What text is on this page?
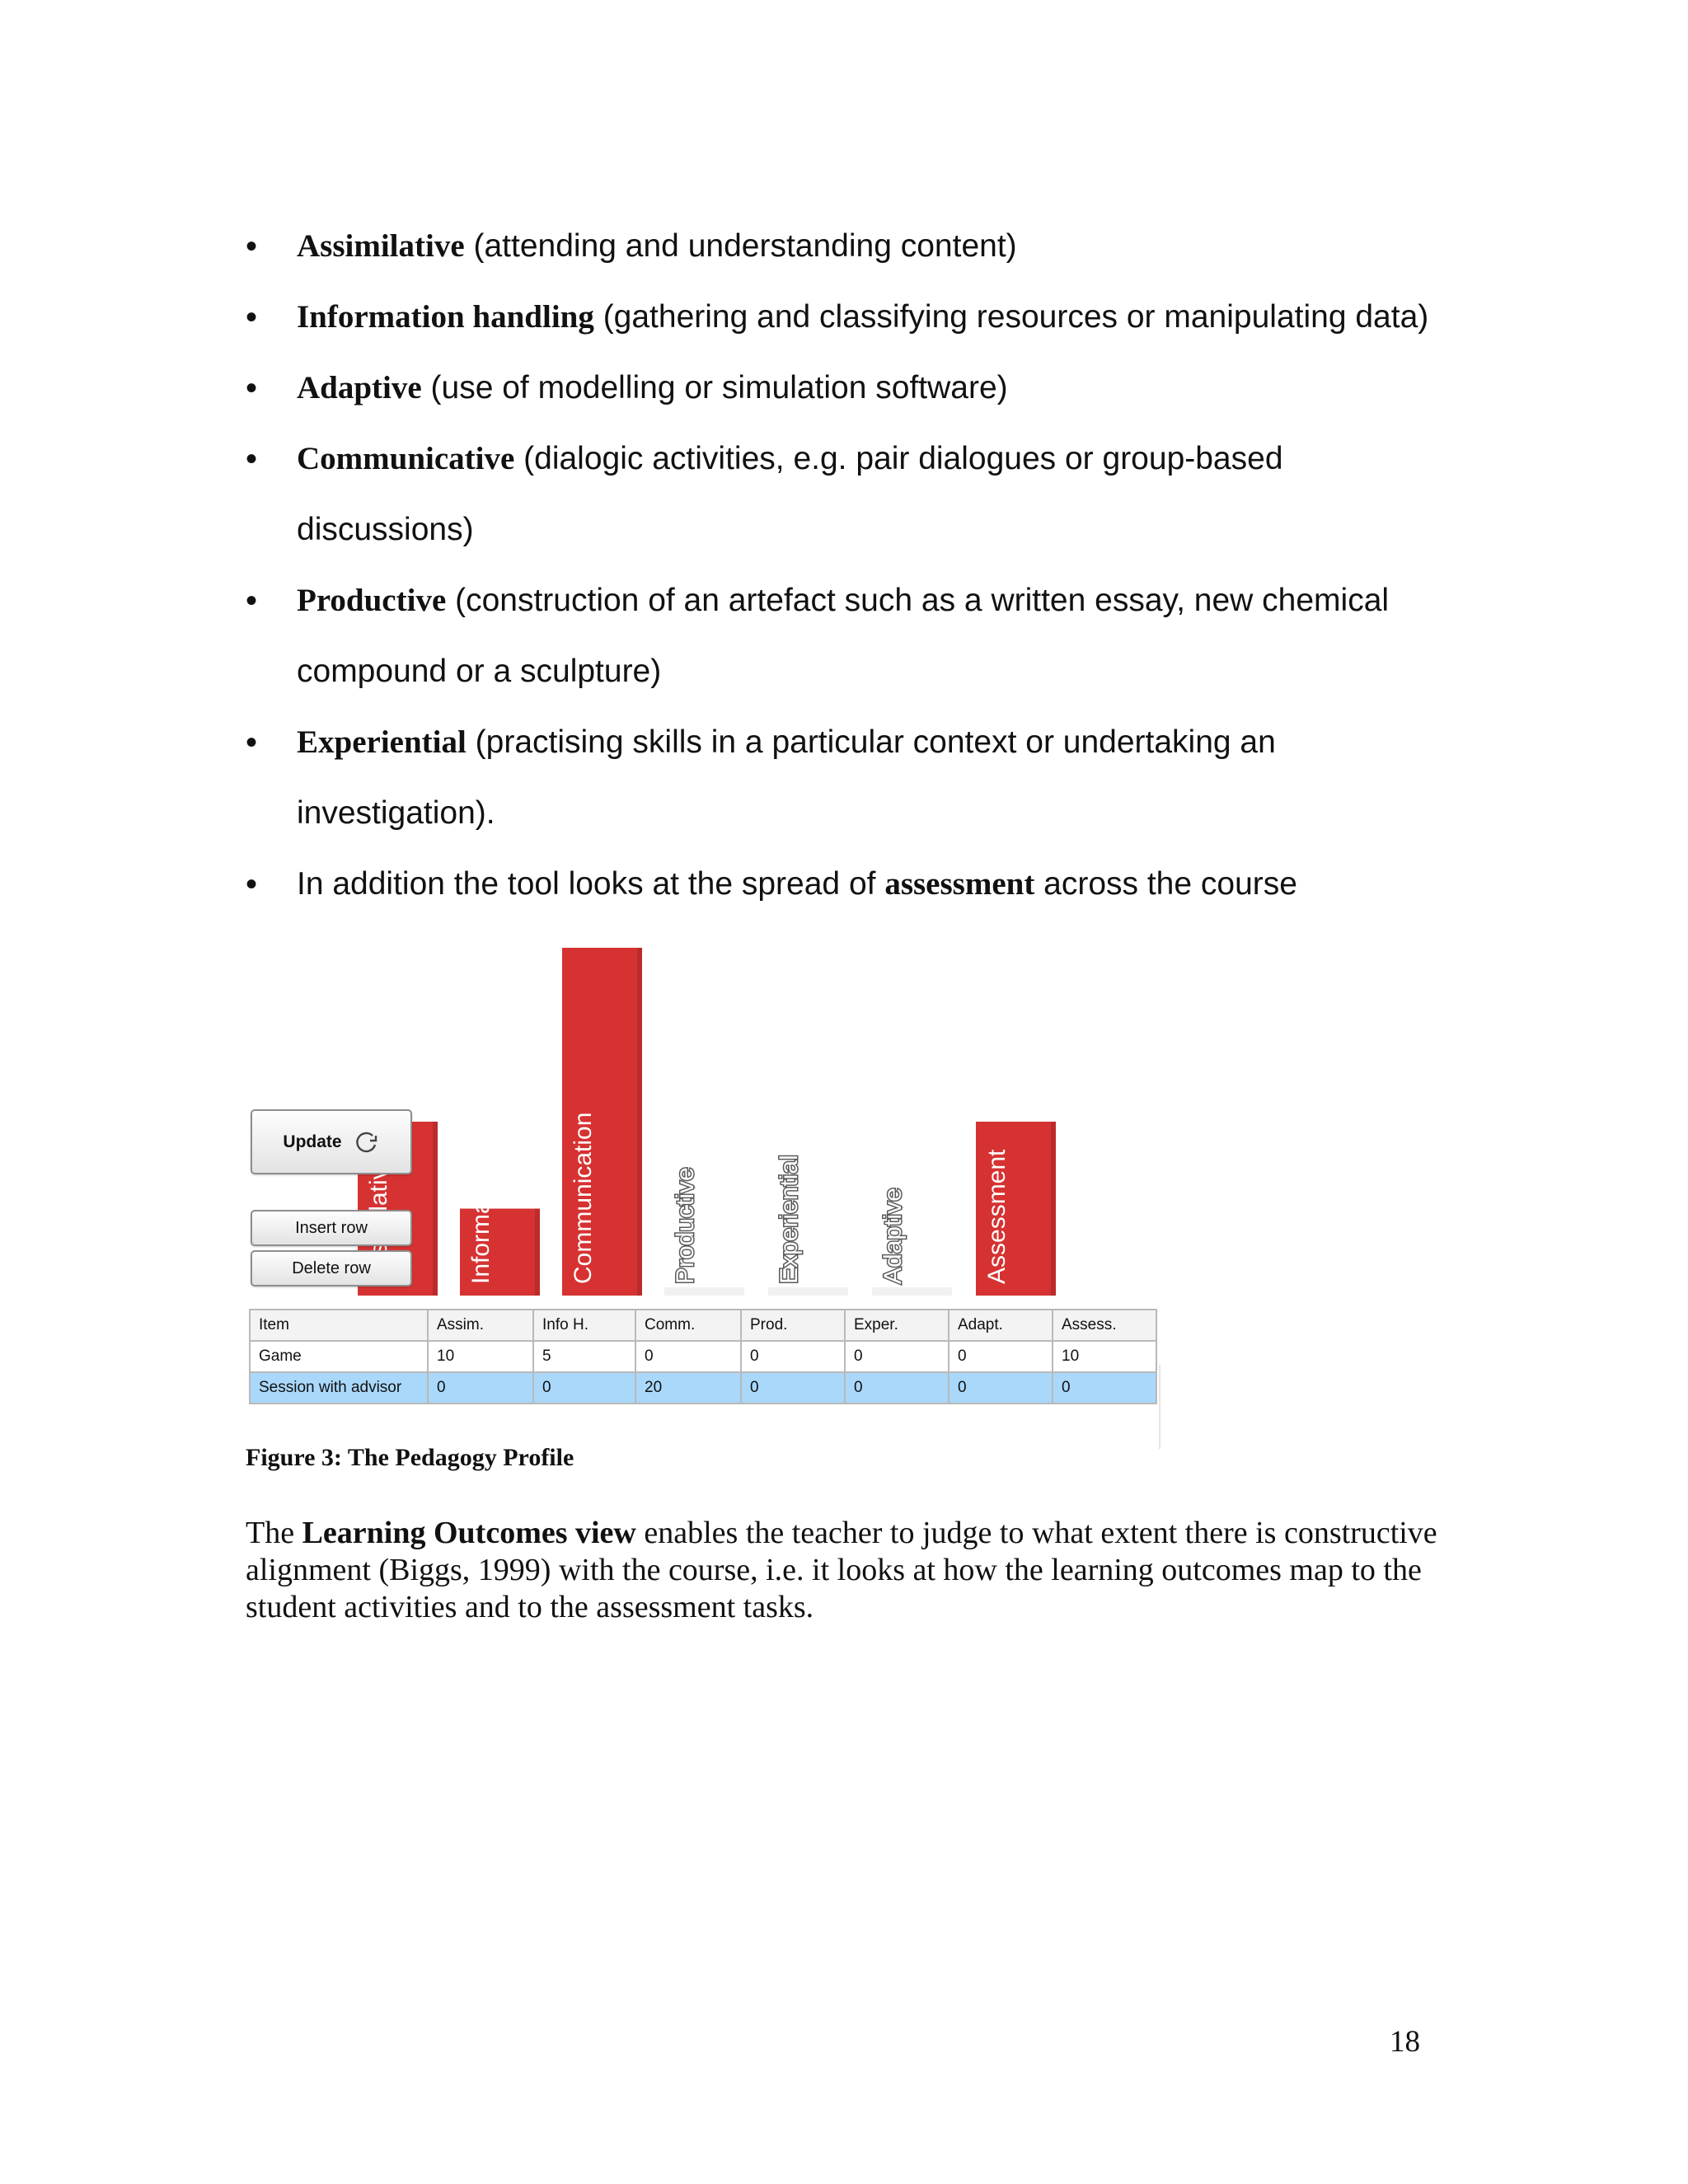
• Assimilative (attending and understanding content)
• Information handling (gathering and classifying resources or manipulating data)
• Adaptive (use of modelling or simulation software)
• Communicative (dialogic activities, e.g. pair dialogues or group-based discussions)
• Productive (construction of an artefact such as a written essay, new chemical compound or a sculpture)
• Experiential (practising skills in a particular context or undertaking an investigation).
• In addition the tool looks at the spread of assessment across the course
Information Handling	Communication	Productive	Experiential	Adaptive	Assessment
Update
Insert row
Delete row
Item	Assim.	Info H.	Comm.	Prod.	Exper.	Adapt.	Assess.
Game	10	5	0	0	0	0	10
Session with advisor	0	0	20	0	0	0	0
Figure 3: The Pedagogy Profile

The Learning Outcomes view enables the teacher to judge to what extent there is constructive alignment (Biggs, 1999) with the course, i.e. it looks at how the learning outcomes map to the student activities and to the assessment tasks.

18
